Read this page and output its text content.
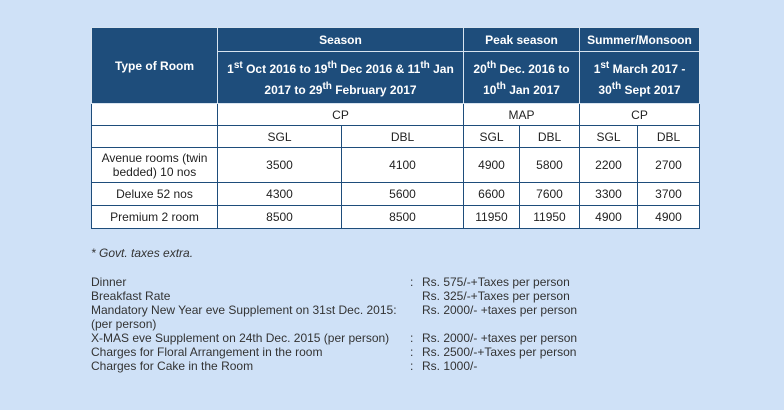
Type of Room	Season		Peak season		Summer/Monsoon	
	1st Oct 2016 to 19th Dec 2016 & 11th Jan 2017 to 29th February 2017		20th Dec. 2016 to 10th Jan 2017		1st March 2017 - 30th Sept 2017	
	CP		MAP		CP	
	SGL	DBL	SGL	DBL	SGL	DBL
Avenue rooms (twin bedded) 10 nos	3500	4100	4900	5800	2200	2700
Deluxe 52 nos	4300	5600	6600	7600	3300	3700
Premium 2 room	8500	8500	11950	11950	4900	4900
* Govt. taxes extra.
Dinner	:	Rs. 575/-+Taxes per person
Breakfast Rate		Rs. 325/-+Taxes per person
Mandatory New Year eve Supplement on 31st Dec. 2015: (per person)		Rs. 2000/- +taxes per person
X-MAS eve Supplement on 24th Dec. 2015 (per person)	:	Rs. 2000/- +taxes per person
Charges for Floral Arrangement in the room	:	Rs. 2500/-+Taxes per person
Charges for Cake in the Room	:	Rs. 1000/-
